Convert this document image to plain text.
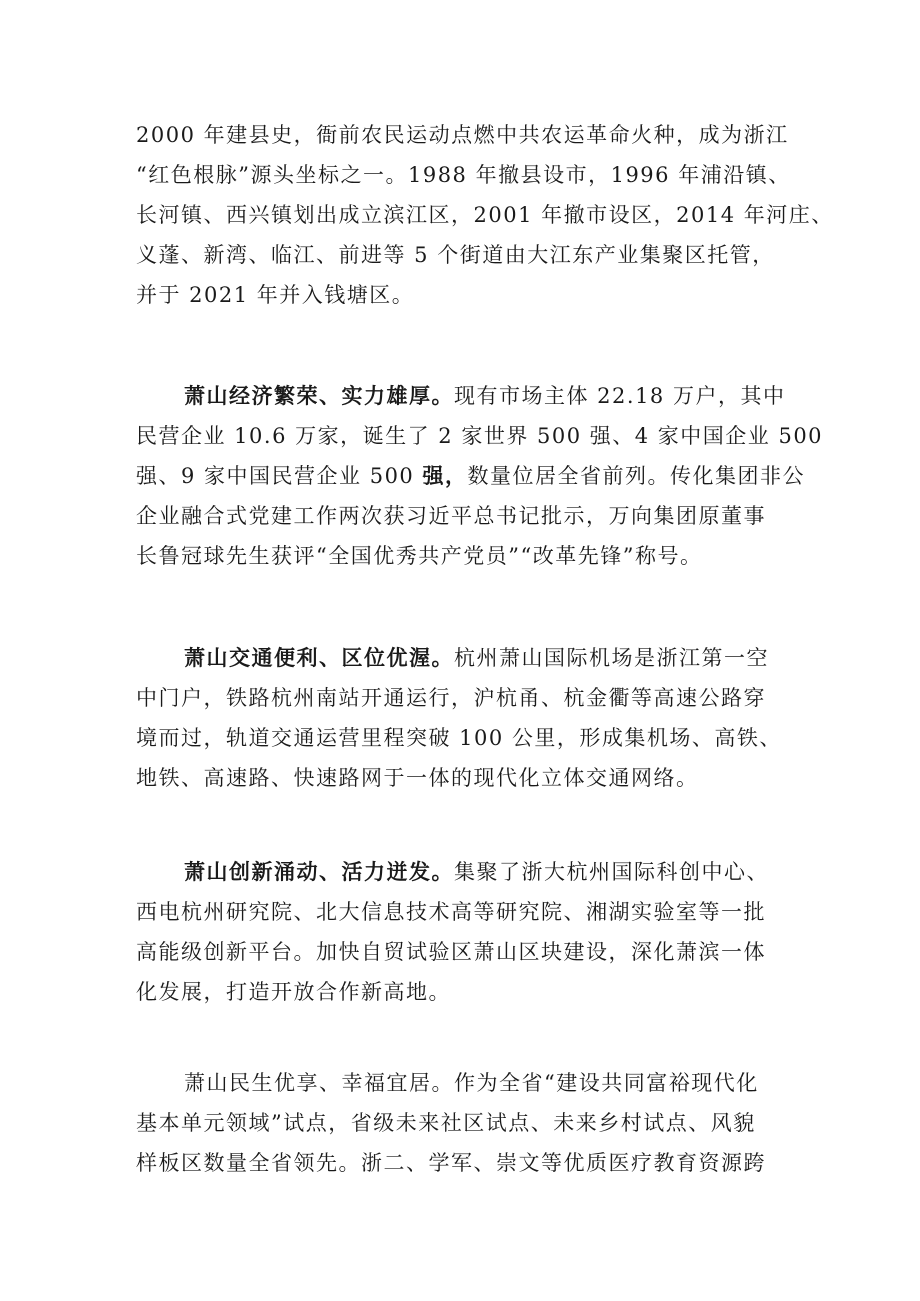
2000 年建县史，衙前农民运动点燃中共农运革命火种，成为浙江
“红色根脉”源头坐标之一。1988 年撤县设市，1996 年浦沿镇、
长河镇、西兴镇划出成立滨江区，2001 年撤市设区，2014 年河庄、
义蓬、新湾、临江、前进等 5 个街道由大江东产业集聚区托管，
并于 2021 年并入钱塘区。

萧山经济繁荣、实力雄厚。现有市场主体 22.18 万户，其中
民营企业 10.6 万家，诞生了 2 家世界 500 强、4 家中国企业 500
强、9 家中国民营企业 500 强，数量位居全省前列。传化集团非公
企业融合式党建工作两次获习近平总书记批示，万向集团原董事
长鲁冠球先生获评“全国优秀共产党员”“改革先锋”称号。

萧山交通便利、区位优渥。杭州萧山国际机场是浙江第一空
中门户，铁路杭州南站开通运行，沪杭甬、杭金衢等高速公路穿
境而过，轨道交通运营里程突破 100 公里，形成集机场、高铁、
地铁、高速路、快速路网于一体的现代化立体交通网络。

萧山创新涌动、活力迸发。集聚了浙大杭州国际科创中心、
西电杭州研究院、北大信息技术高等研究院、湘湖实验室等一批
高能级创新平台。加快自贸试验区萧山区块建设，深化萧滨一体
化发展，打造开放合作新高地。

萧山民生优享、幸福宜居。作为全省“建设共同富裕现代化
基本单元领域”试点，省级未来社区试点、未来乡村试点、风貌
样板区数量全省领先。浙二、学军、崇文等优质医疗教育资源跨
